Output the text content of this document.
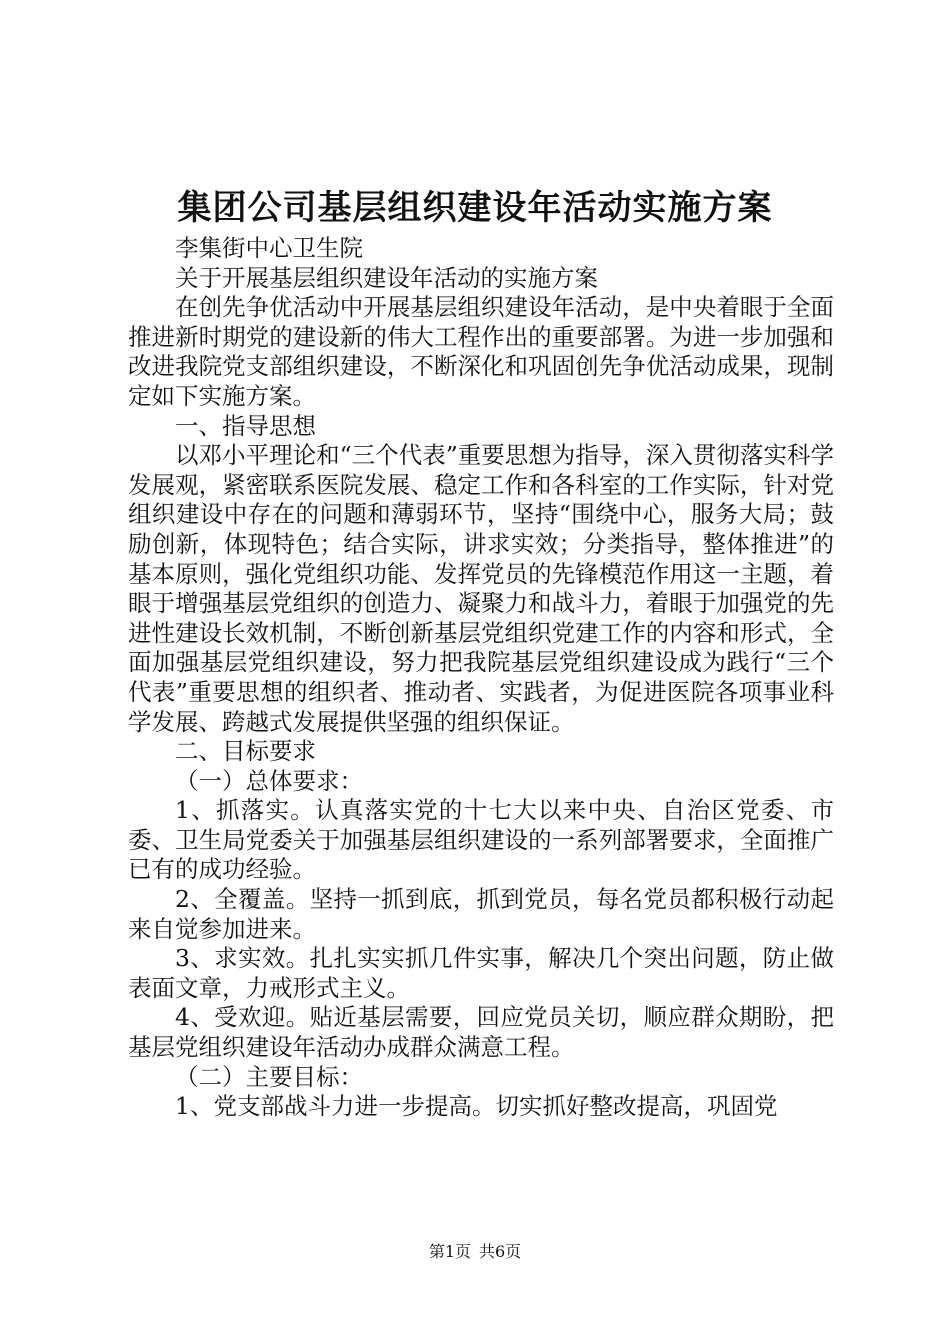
集团公司基层组织建设年活动实施方案

李集街中心卫生院

关于开展基层组织建设年活动的实施方案

在创先争优活动中开展基层组织建设年活动，是中央着眼于全面推进新时期党的建设新的伟大工程作出的重要部署。为进一步加强和改进我院党支部组织建设，不断深化和巩固创先争优活动成果，现制定如下实施方案。

一、指导思想

以邓小平理论和“三个代表”重要思想为指导，深入贯彻落实科学发展观，紧密联系医院发展、稳定工作和各科室的工作实际，针对党组织建设中存在的问题和薄弱环节，坚持“围绕中心，服务大局；鼓励创新，体现特色；结合实际，讲求实效；分类指导，整体推进”的基本原则，强化党组织功能、发挥党员的先锋模范作用这一主题，着眼于增强基层党组织的创造力、凝聚力和战斗力，着眼于加强党的先进性建设长效机制，不断创新基层党组织党建工作的内容和形式，全面加强基层党组织建设，努力把我院基层党组织建设成为践行“三个代表”重要思想的组织者、推动者、实践者，为促进医院各项事业科学发展、跨越式发展提供坚强的组织保证。

二、目标要求

（一）总体要求：

1、抓落实。认真落实党的十七大以来中央、自治区党委、市委、卫生局党委关于加强基层组织建设的一系列部署要求，全面推广已有的成功经验。

2、全覆盖。坚持一抓到底，抓到党员，每名党员都积极行动起来自觉参加进来。

3、求实效。扎扎实实抓几件实事，解决几个突出问题，防止做表面文章，力戒形式主义。

4、受欢迎。贴近基层需要，回应党员关切，顺应群众期盼，把基层党组织建设年活动办成群众满意工程。

（二）主要目标：

1、党支部战斗力进一步提高。切实抓好整改提高，巩固党

第1页 共6页
